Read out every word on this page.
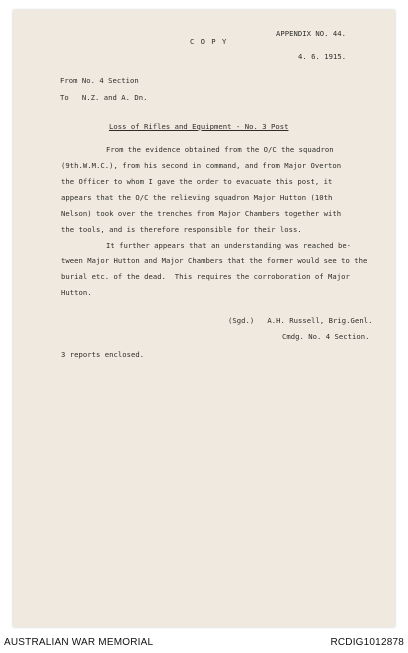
APPENDIX NO. 44.
C O P Y
4. 6. 1915.
From No. 4 Section
To   N.Z. and A. Dn.
Loss of Rifles and Equipment - No. 3 Post
From the evidence obtained from the O/C the squadron
(9th.W.M.C.), from his second in command, and from Major Overton
the Officer to whom I gave the order to evacuate this post, it
appears that the O/C the relieving squadron Major Hutton (10th
Nelson) took over the trenches from Major Chambers together with
the tools, and is therefore responsible for their loss.
It further appears that an understanding was reached be-
tween Major Hutton and Major Chambers that the former would see to the
burial etc. of the dead.  This requires the corroboration of Major
Hutton.
(Sgd.)   A.H. Russell, Brig.Genl.
Cmdg. No. 4 Section.
3 reports enclosed.
AUSTRALIAN WAR MEMORIAL	RCDIG1012878
